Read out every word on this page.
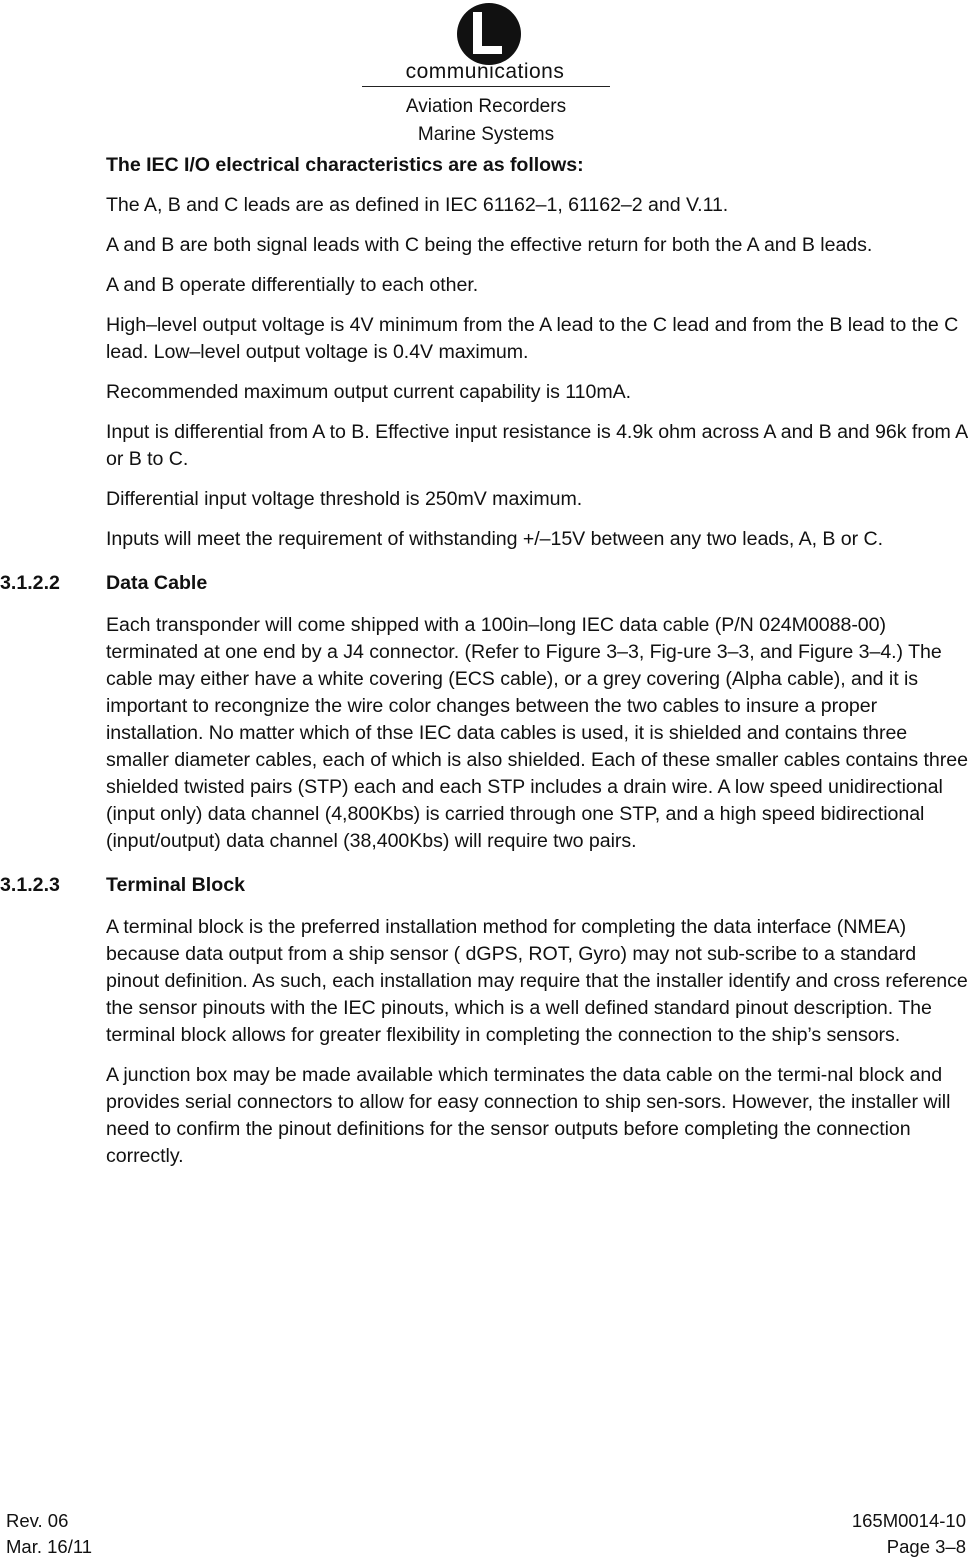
communications
Aviation Recorders
Marine Systems

The IEC I/O electrical characteristics are as follows:

The A, B and C leads are as defined in IEC 61162–1, 61162–2 and V.11.

A and B are both signal leads with C being the effective return for both the A and B leads.

A and B operate differentially to each other.

High–level output voltage is 4V minimum from the A lead to the C lead and from the B lead to the C lead. Low–level output voltage is 0.4V maximum.

Recommended maximum output current capability is 110mA.

Input is differential from A to B. Effective input resistance is 4.9k ohm across A and B and 96k from A or B to C.

Differential input voltage threshold is 250mV maximum.

Inputs will meet the requirement of withstanding +/–15V between any two leads, A, B or C.

3.1.2.2 Data Cable

Each transponder will come shipped with a 100in–long IEC data cable (P/N 024M0088-00) terminated at one end by a J4 connector. (Refer to Figure 3–3, Fig-ure 3–3, and Figure 3–4.) The cable may either have a white covering (ECS cable), or a grey covering (Alpha cable), and it is important to recongnize the wire color changes between the two cables to insure a proper installation. No matter which of thse IEC data cables is used, it is shielded and contains three smaller diameter cables, each of which is also shielded. Each of these smaller cables contains three shielded twisted pairs (STP) each and each STP includes a drain wire. A low speed unidirectional (input only) data channel (4,800Kbs) is carried through one STP, and a high speed bidirectional (input/output) data channel (38,400Kbs) will require two pairs.

3.1.2.3 Terminal Block

A terminal block is the preferred installation method for completing the data interface (NMEA) because data output from a ship sensor ( dGPS, ROT, Gyro) may not sub-scribe to a standard pinout definition. As such, each installation may require that the installer identify and cross reference the sensor pinouts with the IEC pinouts, which is a well defined standard pinout description. The terminal block allows for greater flexibility in completing the connection to the ship’s sensors.

A junction box may be made available which terminates the data cable on the termi-nal block and provides serial connectors to allow for easy connection to ship sen-sors. However, the installer will need to confirm the pinout definitions for the sensor outputs before completing the connection correctly.

Rev. 06
Mar. 16/11
165M0014-10
Page 3–8
